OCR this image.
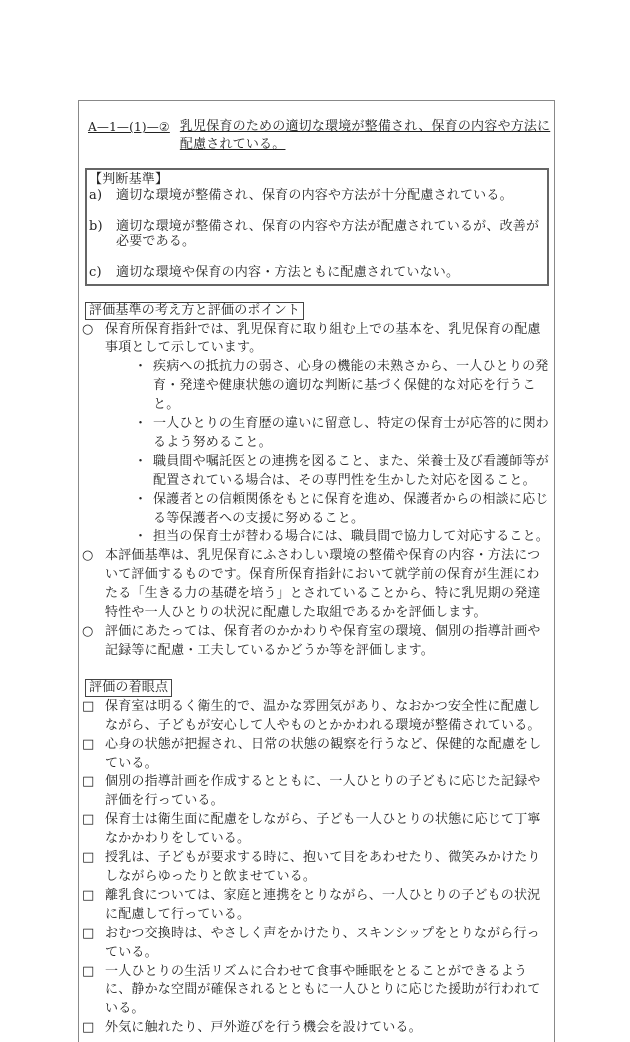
A—1—(1)—② 乳児保育のための適切な環境が整備され、保育の内容や方法に配慮されている。
【判断基準】
a)	適切な環境が整備され、保育の内容や方法が十分配慮されている。
b)	適切な環境が整備され、保育の内容や方法が配慮されているが、改善が必要である。
c)	適切な環境や保育の内容・方法ともに配慮されていない。
評価基準の考え方と評価のポイント
○ 保育所保育指針では、乳児保育に取り組む上での基本を、乳児保育の配慮事項として示しています。
・ 疾病への抵抗力の弱さ、心身の機能の未熟さから、一人ひとりの発育・発達や健康状態の適切な判断に基づく保健的な対応を行うこと。
・ 一人ひとりの生育歴の違いに留意し、特定の保育士が応答的に関わるよう努めること。
・ 職員間や嘱託医との連携を図ること、また、栄養士及び看護師等が配置されている場合は、その専門性を生かした対応を図ること。
・ 保護者との信頼関係をもとに保育を進め、保護者からの相談に応じる等保護者への支援に努めること。
・ 担当の保育士が替わる場合には、職員間で協力して対応すること。
○ 本評価基準は、乳児保育にふさわしい環境の整備や保育の内容・方法について評価するものです。保育所保育指針において就学前の保育が生涯にわたる「生きる力の基礎を培う」とされていることから、特に乳児期の発達特性や一人ひとりの状況に配慮した取組であるかを評価します。
○ 評価にあたっては、保育者のかかわりや保育室の環境、個別の指導計画や記録等に配慮・工夫しているかどうか等を評価します。
評価の着眼点
□ 保育室は明るく衛生的で、温かな雰囲気があり、なおかつ安全性に配慮しながら、子どもが安心して人やものとかかわれる環境が整備されている。
□ 心身の状態が把握され、日常の状態の観察を行うなど、保健的な配慮をしている。
□ 個別の指導計画を作成するとともに、一人ひとりの子どもに応じた記録や評価を行っている。
□ 保育士は衛生面に配慮をしながら、子ども一人ひとりの状態に応じて丁寧なかかわりをしている。
□ 授乳は、子どもが要求する時に、抱いて目をあわせたり、微笑みかけたりしながらゆったりと飲ませている。
□ 離乳食については、家庭と連携をとりながら、一人ひとりの子どもの状況に配慮して行っている。
□ おむつ交換時は、やさしく声をかけたり、スキンシップをとりながら行っている。
□ 一人ひとりの生活リズムに合わせて食事や睡眠をとることができるように、静かな空間が確保されるとともに一人ひとりに応じた援助が行われている。
□ 外気に触れたり、戸外遊びを行う機会を設けている。
